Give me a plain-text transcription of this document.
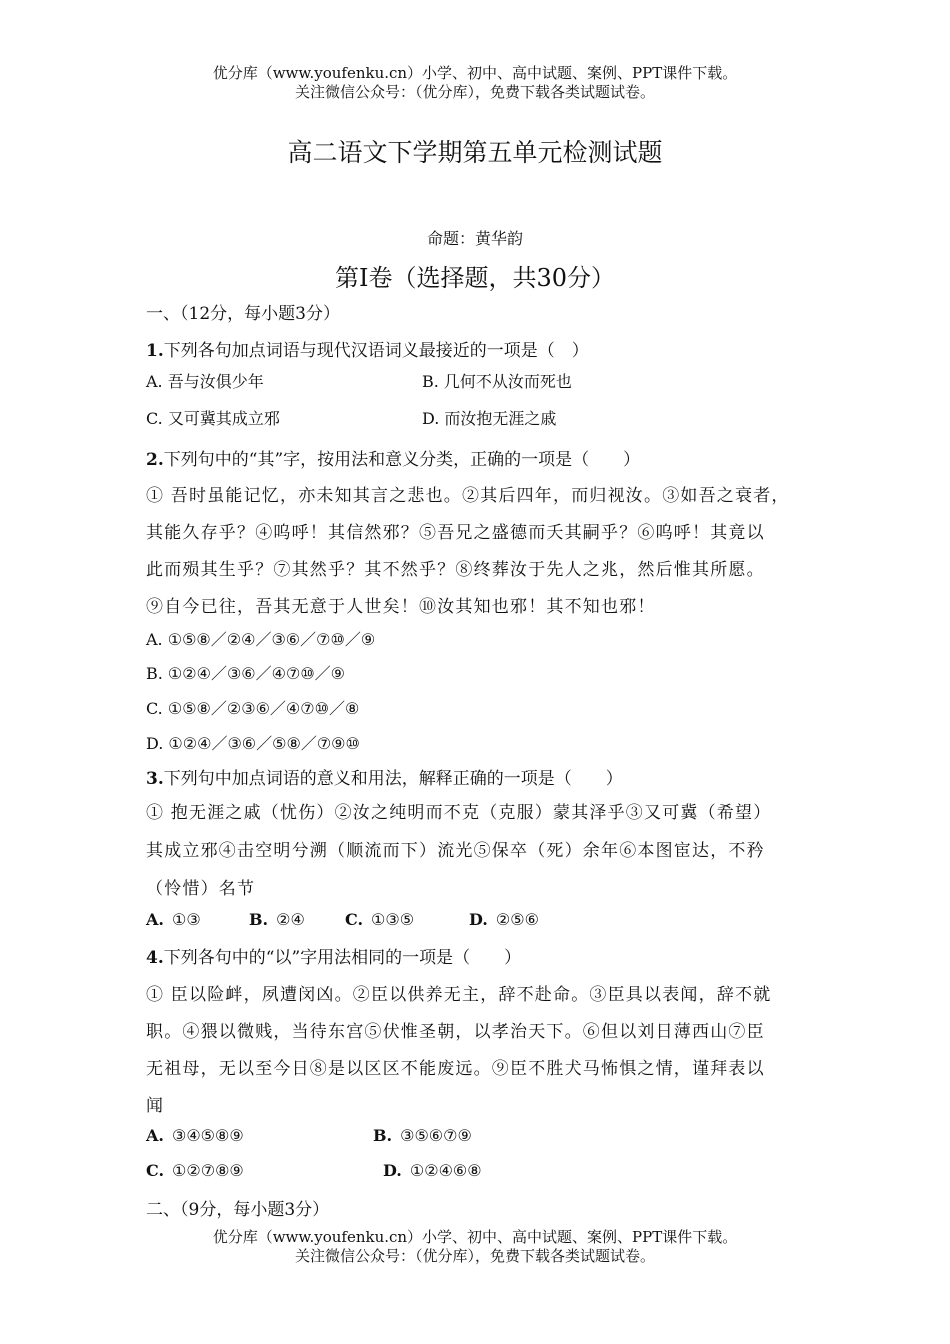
优分库（www.youfenku.cn）小学、初中、高中试题、案例、PPT课件下载。
关注微信公众号：（优分库），免费下载各类试题试卷。
高二语文下学期第五单元检测试题
命题：黄华韵
第Ⅰ卷（选择题，共30分）
一、（12分，每小题3分）
1.下列各句加点词语与现代汉语词义最接近的一项是（　）
A. 吾与汝俱少年	B. 几何不从汝而死也
C. 又可冀其成立邪	D. 而汝抱无涯之戚
2.下列句中的“其”字，按用法和意义分类，正确的一项是（　　）
① 吾时虽能记忆，亦未知其言之悲也。②其后四年，而归视汝。③如吾之衰者，
其能久存乎？④呜呼！其信然邪？⑤吾兄之盛德而夭其嗣乎？⑥呜呼！其竟以
此而殒其生乎？⑦其然乎？其不然乎？⑧终葬汝于先人之兆，然后惟其所愿。
⑨自今已往，吾其无意于人世矣！⑩汝其知也邪！其不知也邪！
A. ①⑤⑧／②④／③⑥／⑦⑩／⑨
B. ①②④／③⑥／④⑦⑩／⑨
C. ①⑤⑧／②③⑥／④⑦⑩／⑧
D. ①②④／③⑥／⑤⑧／⑦⑨⑩
3.下列句中加点词语的意义和用法，解释正确的一项是（　　）
① 抱无涯之戚（忧伤）②汝之纯明而不克（克服）蒙其泽乎③又可冀（希望）
其成立邪④击空明兮溯（顺流而下）流光⑤保卒（死）余年⑥本图宦达，不矜
（怜惜）名节
A. ①③	B. ②④	C. ①③⑤	D. ②⑤⑥
4.下列各句中的“以”字用法相同的一项是（　　）
① 臣以险衅，夙遭闵凶。②臣以供养无主，辞不赴命。③臣具以表闻，辞不就
职。④猥以微贱，当待东宫⑤伏惟圣朝，以孝治天下。⑥但以刘日薄西山⑦臣
无祖母，无以至今日⑧是以区区不能废远。⑨臣不胜犬马怖惧之情，谨拜表以
闻
A. ③④⑤⑧⑨	B. ③⑤⑥⑦⑨
C. ①②⑦⑧⑨	D. ①②④⑥⑧
二、（9分，每小题3分）
优分库（www.youfenku.cn）小学、初中、高中试题、案例、PPT课件下载。
关注微信公众号：（优分库），免费下载各类试题试卷。
